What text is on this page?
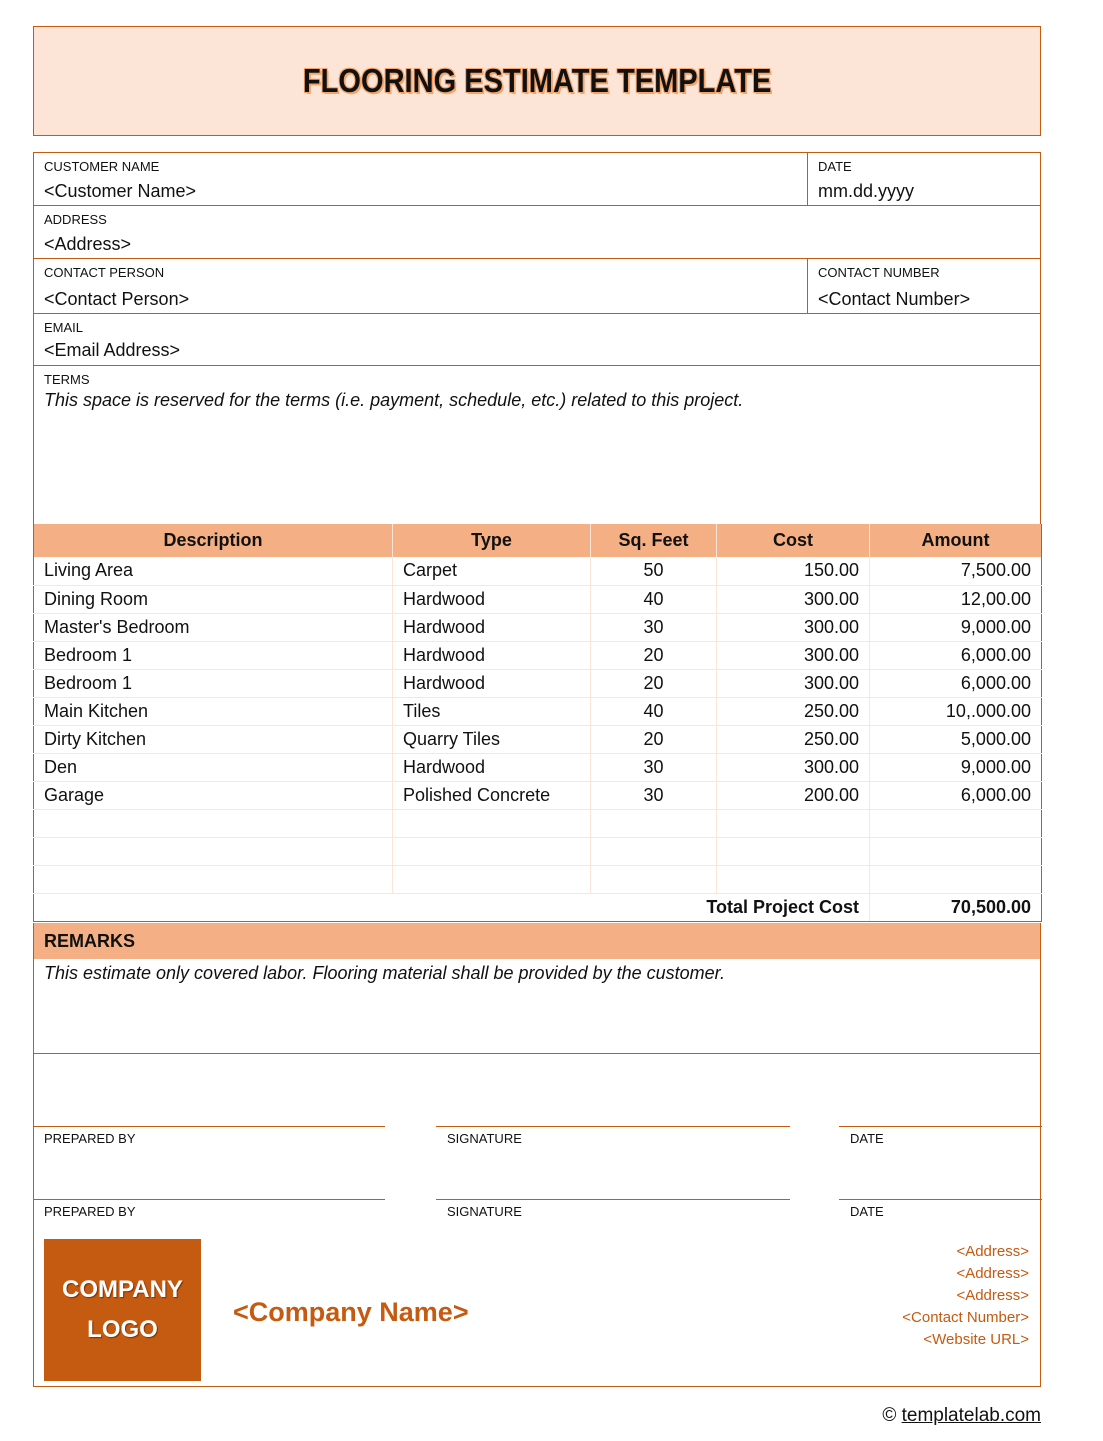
FLOORING ESTIMATE TEMPLATE
CUSTOMER NAME
<Customer Name>
DATE
mm.dd.yyyy
ADDRESS
<Address>
CONTACT PERSON
<Contact Person>
CONTACT NUMBER
<Contact Number>
EMAIL
<Email Address>
TERMS
This space is reserved for the terms (i.e. payment, schedule, etc.) related to this project.
Description	Type	Sq. Feet	Cost	Amount
Living Area	Carpet	50	150.00	7,500.00
Dining Room	Hardwood	40	300.00	12,00.00
Master's Bedroom	Hardwood	30	300.00	9,000.00
Bedroom 1	Hardwood	20	300.00	6,000.00
Bedroom 1	Hardwood	20	300.00	6,000.00
Main Kitchen	Tiles	40	250.00	10,.000.00
Dirty Kitchen	Quarry Tiles	20	250.00	5,000.00
Den	Hardwood	30	300.00	9,000.00
Garage	Polished Concrete	30	200.00	6,000.00

Total Project Cost				70,500.00
REMARKS
This estimate only covered labor. Flooring material shall be provided by the customer.
PREPARED BY	SIGNATURE	DATE
PREPARED BY	SIGNATURE	DATE
COMPANY
LOGO
<Company Name>
<Address>
<Address>
<Address>
<Contact Number>
<Website URL>
© templatelab.com
